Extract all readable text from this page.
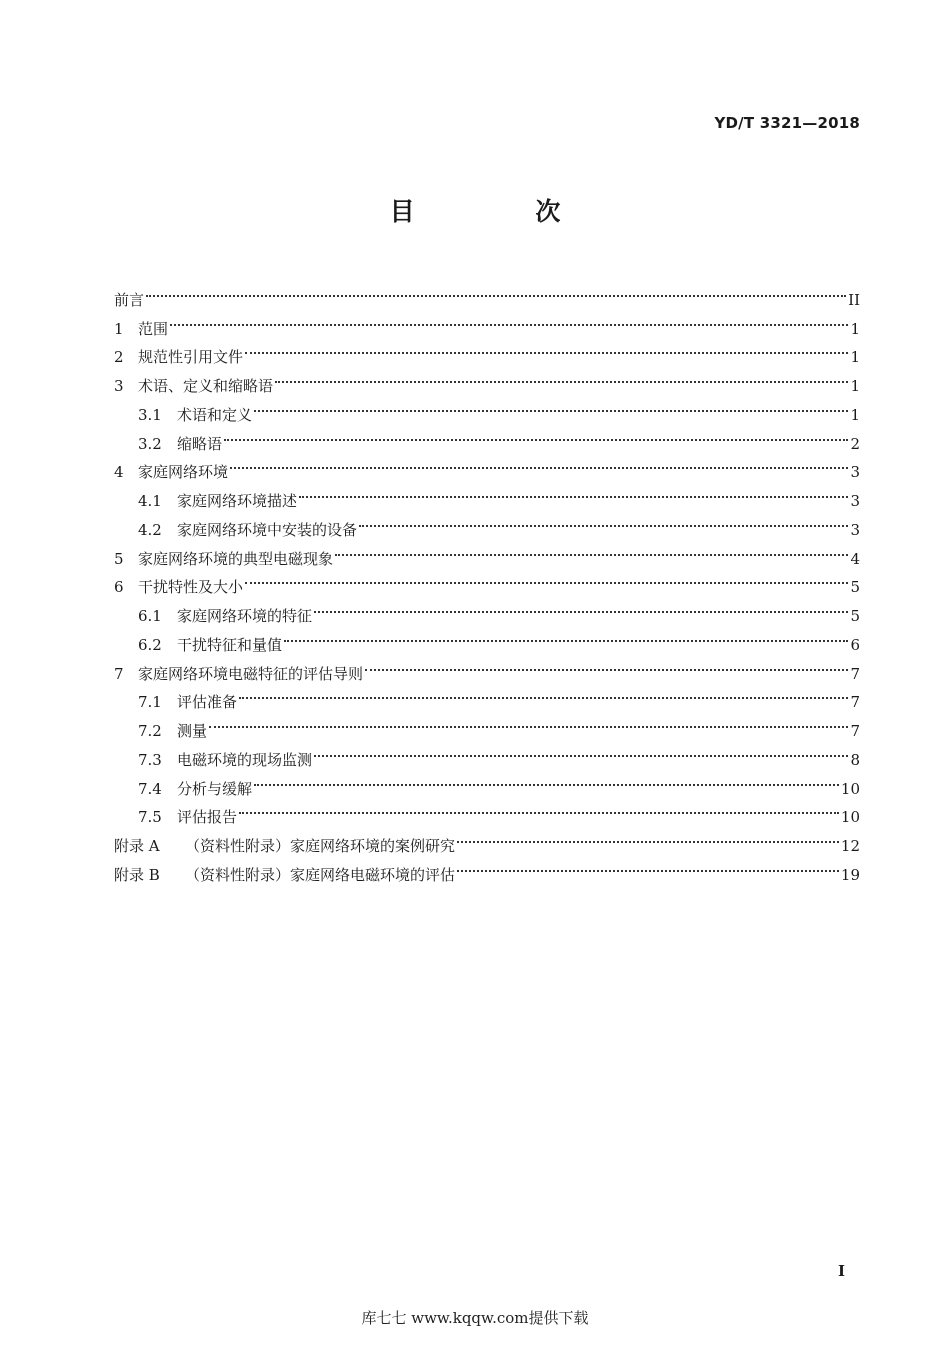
YD/T 3321—2018
目 次
前言	II
1 范围	1
2 规范性引用文件	1
3 术语、定义和缩略语	1
3.1	术语和定义	1
3.2	缩略语	2
4 家庭网络环境	3
4.1	家庭网络环境描述	3
4.2	家庭网络环境中安装的设备	3
5 家庭网络环境的典型电磁现象	4
6 干扰特性及大小	5
6.1	家庭网络环境的特征	5
6.2	干扰特征和量值	6
7 家庭网络环境电磁特征的评估导则	7
7.1	评估准备	7
7.2	测量	7
7.3	电磁环境的现场监测	8
7.4	分析与缓解	10
7.5	评估报告	10
附录 A	（资料性附录）家庭网络环境的案例研究	12
附录 B	（资料性附录）家庭网络电磁环境的评估	19
I
库七七 www.kqqw.com提供下载
